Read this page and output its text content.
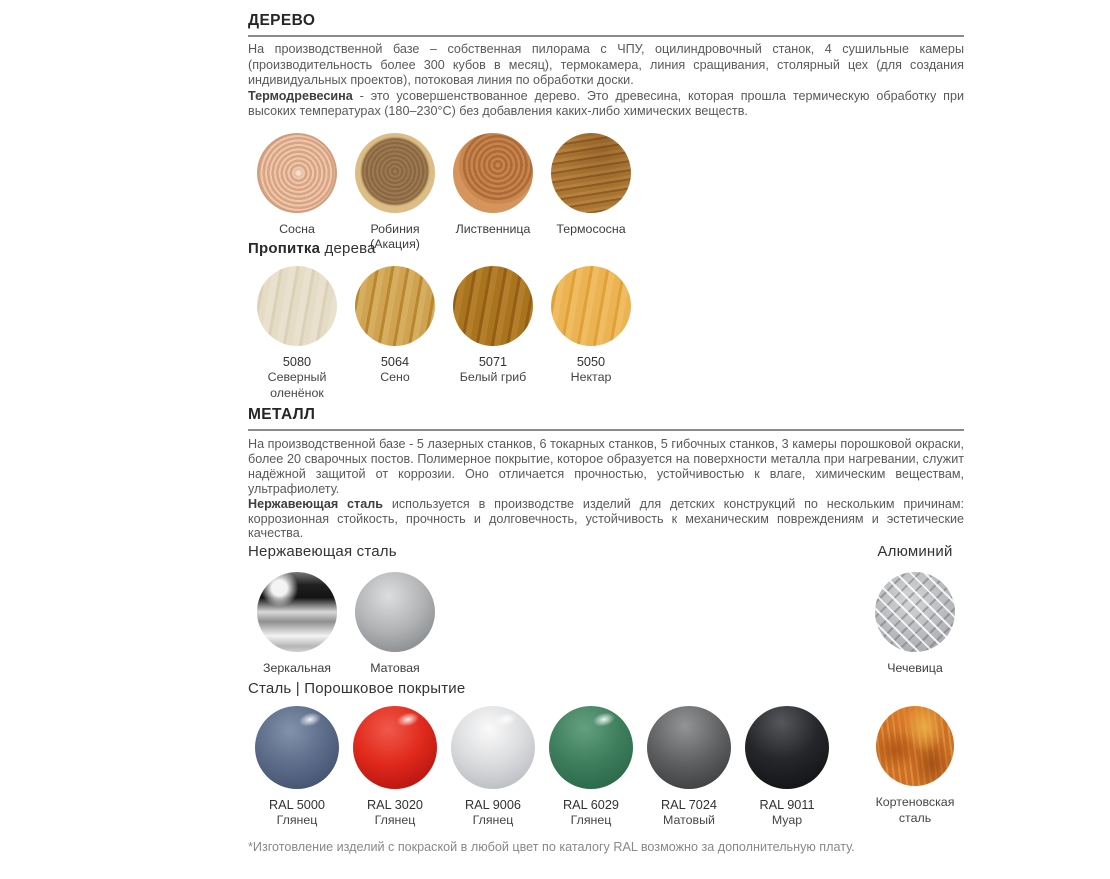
ДЕРЕВО

На производственной базе – собственная пилорама с ЧПУ, оцилиндровочный станок, 4 сушильные камеры (производительность более 300 кубов в месяц), термокамера, линия сращивания, столярный цех (для создания индивидуальных проектов), потоковая линия по обработки доски.

Термодревесина - это усовершенствованное дерево. Это древесина, которая прошла термическую обработку при высоких температурах (180–230°С) без добавления каких-либо химических веществ.

Сосна	Робиния (Акация)
Лиственница	Термососна
Пропитка дерева
5080
Северный оленёнок
5064
Сено
5071
Белый гриб
5050
Нектар
МЕТАЛЛ

На производственной базе - 5 лазерных станков, 6 токарных станков, 5 гибочных станков, 3 камеры порошковой окраски, более 20 сварочных постов. Полимерное покрытие, которое образуется на поверхности металла при нагревании, служит надёжной защитой от коррозии. Оно отличается прочностью, устойчивостью к влаге, химическим веществам, ультрафиолету.

Нержавеющая сталь используется в производстве изделий для детских конструкций по нескольким причинам: коррозионная стойкость, прочность и долговечность, устойчивость к механическим повреждениям и эстетические качества.

Нержавеющая сталь
Зеркальная	Матовая
Алюминий
Чечевица
Сталь | Порошковое покрытие
RAL 5000
Глянец
RAL 3020
Глянец
RAL 9006
Глянец
RAL 6029
Глянец
RAL 7024
Матовый
RAL 9011
Муар
Кортеновская сталь
*Изготовление изделий с покраской в любой цвет по каталогу RAL возможно за дополнительную плату.
